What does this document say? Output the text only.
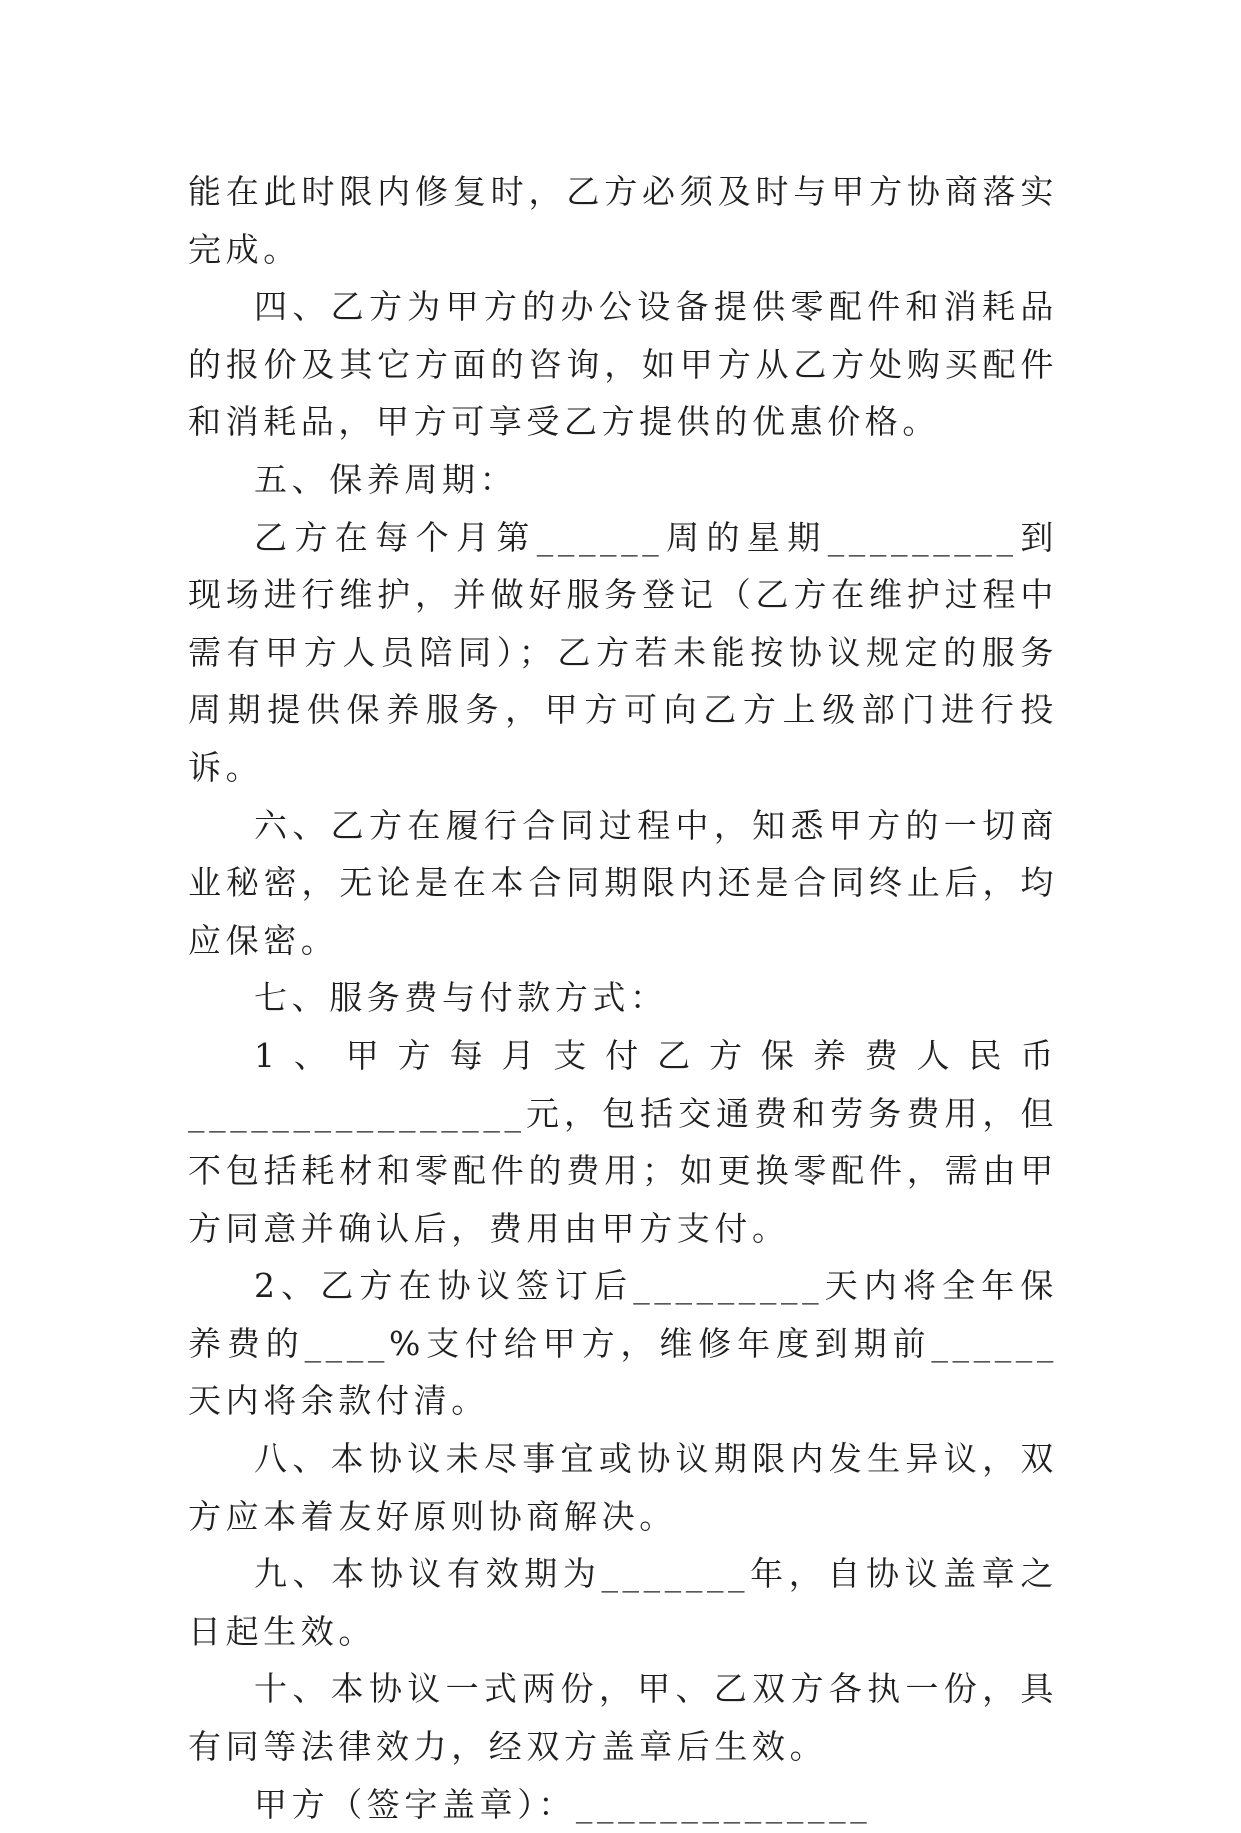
能在此时限内修复时，乙方必须及时与甲方协商落实完成。

四、乙方为甲方的办公设备提供零配件和消耗品的报价及其它方面的咨询，如甲方从乙方处购买配件和消耗品，甲方可享受乙方提供的优惠价格。

五、保养周期：

乙方在每个月第______周的星期_________到现场进行维护，并做好服务登记（乙方在维护过程中需有甲方人员陪同）；乙方若未能按协议规定的服务周期提供保养服务，甲方可向乙方上级部门进行投诉。

六、乙方在履行合同过程中，知悉甲方的一切商业秘密，无论是在本合同期限内还是合同终止后，均应保密。

七、服务费与付款方式：

1、甲方每月支付乙方保养费人民币________________元，包括交通费和劳务费用，但不包括耗材和零配件的费用；如更换零配件，需由甲方同意并确认后，费用由甲方支付。

2、乙方在协议签订后_________天内将全年保养费的____%支付给甲方，维修年度到期前______天内将余款付清。

八、本协议未尽事宜或协议期限内发生异议，双方应本着友好原则协商解决。

九、本协议有效期为_______年，自协议盖章之日起生效。

十、本协议一式两份，甲、乙双方各执一份，具有同等法律效力，经双方盖章后生效。

甲方（签字盖章）：______________
